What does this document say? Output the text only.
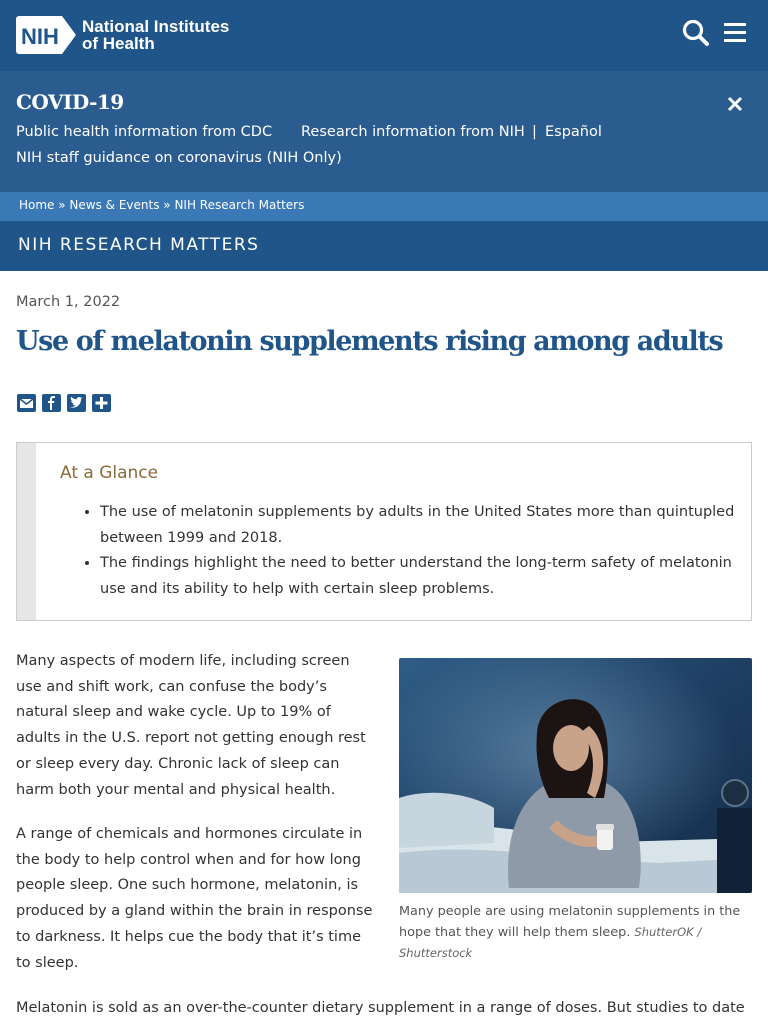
NIH National Institutes
of Health
COVID-19
Public health information from CDC Research information from NIH | Español
NIH staff guidance on coronavirus (NIH Only)
Home » News & Events » NIH Research Matters
NIH RESEARCH MATTERS
March 1, 2022
Use of melatonin supplements rising among adults
At a Glance
• The use of melatonin supplements by adults in the United States more than quintupled between 1999 and 2018.
• The findings highlight the need to better understand the long-term safety of melatonin use and its ability to help with certain sleep problems.

Many aspects of modern life, including screen use and shift work, can confuse the body’s natural sleep and wake cycle. Up to 19% of adults in the U.S. report not getting enough rest or sleep every day. Chronic lack of sleep can harm both your mental and physical health.

A range of chemicals and hormones circulate in the body to help control when and for how long people sleep. One such hormone, melatonin, is produced by a gland within the brain in response to darkness. It helps cue the body that it’s time to sleep.

Melatonin is sold as an over-the-counter dietary supplement in a range of doses. But studies to date

Many people are using melatonin supplements in the hope that they will help them sleep. ShutterOK / Shutterstock
